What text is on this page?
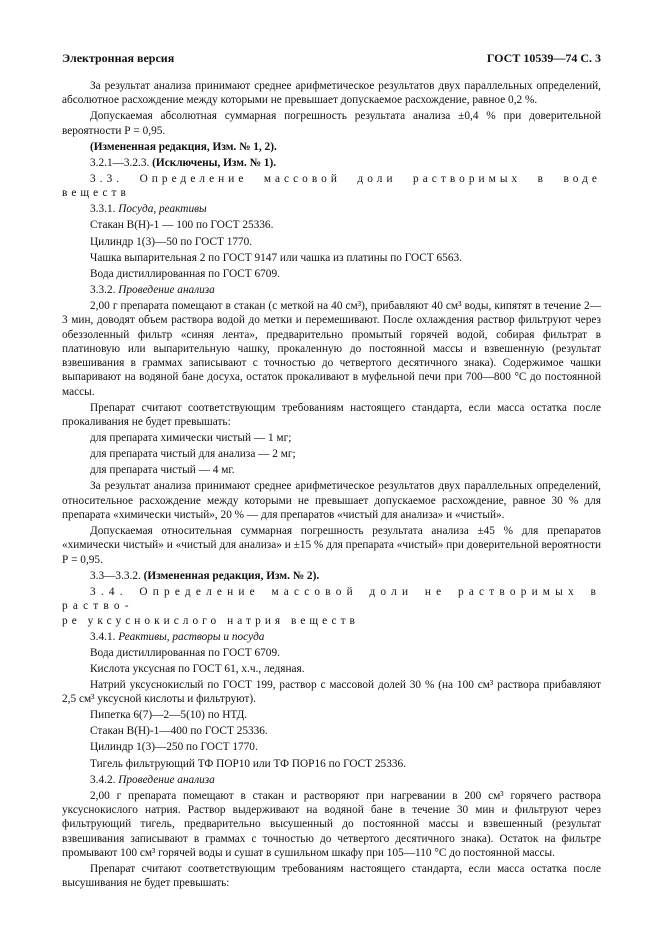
Электронная версия	ГОСТ 10539—74 С. 3

За результат анализа принимают среднее арифметическое результатов двух параллельных определений, абсолютное расхождение между которыми не превышает допускаемое расхождение, равное 0,2 %.

Допускаемая абсолютная суммарная погрешность результата анализа ±0,4 % при доверительной вероятности Р = 0,95.

(Измененная редакция, Изм. № 1, 2).

3.2.1—3.2.3. (Исключены, Изм. № 1).

3.3. Определение массовой доли растворимых в воде веществ

3.3.1. Посуда, реактивы

Стакан В(Н)-1 — 100 по ГОСТ 25336.

Цилиндр 1(3)—50 по ГОСТ 1770.

Чашка выпарительная 2 по ГОСТ 9147 или чашка из платины по ГОСТ 6563.

Вода дистиллированная по ГОСТ 6709.

3.3.2. Проведение анализа

2,00 г препарата помещают в стакан (с меткой на 40 см³), прибавляют 40 см³ воды, кипятят в течение 2—3 мин, доводят объем раствора водой до метки и перемешивают. После охлаждения раствор фильтруют через обеззоленный фильтр «синяя лента», предварительно промытый горячей водой, собирая фильтрат в платиновую или выпарительную чашку, прокаленную до постоянной массы и взвешенную (результат взвешивания в граммах записывают с точностью до четвертого десятичного знака). Содержимое чашки выпаривают на водяной бане досуха, остаток прокаливают в муфельной печи при 700—800 °С до постоянной массы.

Препарат считают соответствующим требованиям настоящего стандарта, если масса остатка после прокаливания не будет превышать:

для препарата химически чистый — 1 мг;

для препарата чистый для анализа — 2 мг;

для препарата чистый — 4 мг.

За результат анализа принимают среднее арифметическое результатов двух параллельных определений, относительное расхождение между которыми не превышает допускаемое расхождение, равное 30 % для препарата «химически чистый», 20 % — для препаратов «чистый для анализа» и «чистый».

Допускаемая относительная суммарная погрешность результата анализа ±45 % для препаратов «химически чистый» и «чистый для анализа» и ±15 % для препарата «чистый» при доверительной вероятности Р = 0,95.

3.3—3.3.2. (Измененная редакция, Изм. № 2).

3.4. Определение массовой доли не растворимых в раство-

ре уксуснокислого натрия веществ

3.4.1. Реактивы, растворы и посуда

Вода дистиллированная по ГОСТ 6709.

Кислота уксусная по ГОСТ 61, х.ч., ледяная.

Натрий уксуснокислый по ГОСТ 199, раствор с массовой долей 30 % (на 100 см³ раствора прибавляют 2,5 см³ уксусной кислоты и фильтруют).

Пипетка 6(7)—2—5(10) по НТД.

Стакан В(Н)-1—400 по ГОСТ 25336.

Цилиндр 1(3)—250 по ГОСТ 1770.

Тигель фильтрующий ТФ ПОР10 или ТФ ПОР16 по ГОСТ 25336.

3.4.2. Проведение анализа

2,00 г препарата помещают в стакан и растворяют при нагревании в 200 см³ горячего раствора уксуснокислого натрия. Раствор выдерживают на водяной бане в течение 30 мин и фильтруют через фильтрующий тигель, предварительно высушенный до постоянной массы и взвешенный (результат взвешивания записывают в граммах с точностью до четвертого десятичного знака). Остаток на фильтре промывают 100 см³ горячей воды и сушат в сушильном шкафу при 105—110 °С до постоянной массы.

Препарат считают соответствующим требованиям настоящего стандарта, если масса остатка после высушивания не будет превышать:
